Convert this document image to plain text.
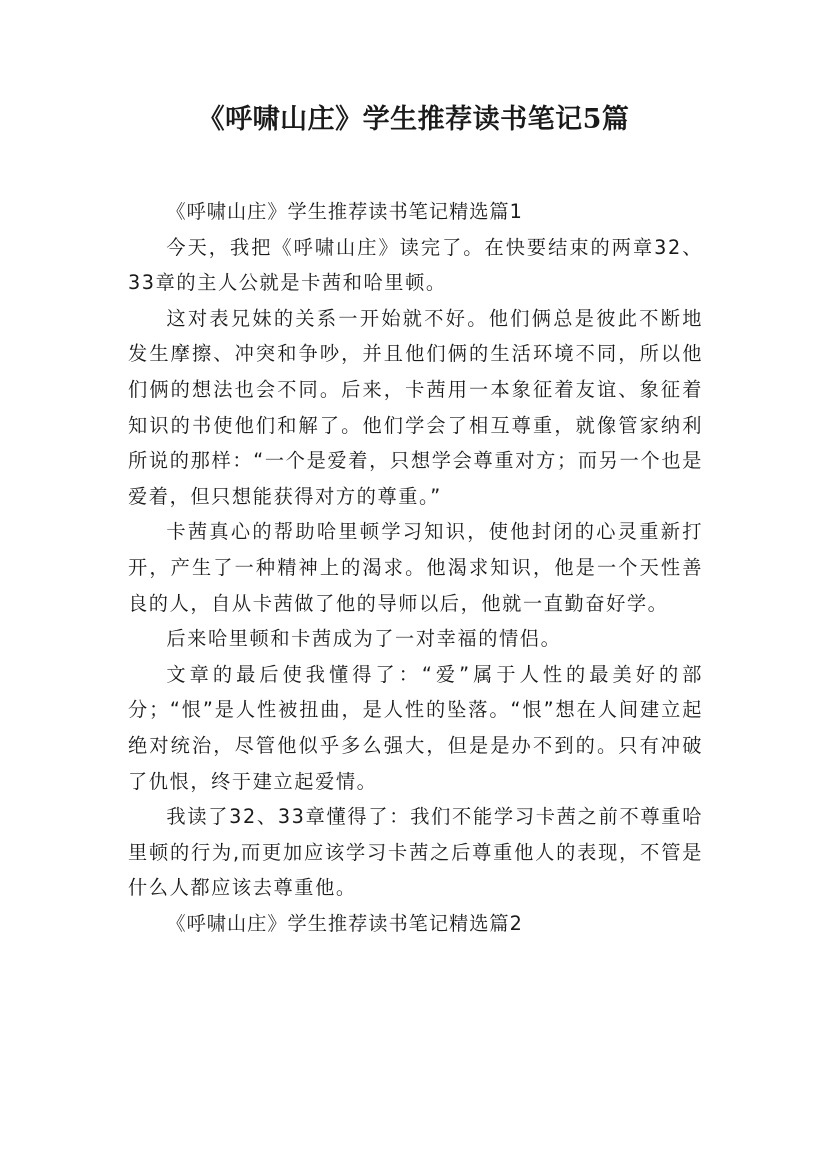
《呼啸山庄》学生推荐读书笔记5篇

《呼啸山庄》学生推荐读书笔记精选篇1

今天，我把《呼啸山庄》读完了。在快要结束的两章32、33章的主人公就是卡茜和哈里顿。

这对表兄妹的关系一开始就不好。他们俩总是彼此不断地发生摩擦、冲突和争吵，并且他们俩的生活环境不同，所以他们俩的想法也会不同。后来，卡茜用一本象征着友谊、象征着知识的书使他们和解了。他们学会了相互尊重，就像管家纳利所说的那样：“一个是爱着，只想学会尊重对方；而另一个也是爱着，但只想能获得对方的尊重。”

卡茜真心的帮助哈里顿学习知识，使他封闭的心灵重新打开，产生了一种精神上的渴求。他渴求知识，他是一个天性善良的人，自从卡茜做了他的导师以后，他就一直勤奋好学。

后来哈里顿和卡茜成为了一对幸福的情侣。

文章的最后使我懂得了：“爱”属于人性的最美好的部分；“恨”是人性被扭曲，是人性的坠落。“恨”想在人间建立起绝对统治，尽管他似乎多么强大，但是是办不到的。只有冲破了仇恨，终于建立起爱情。

我读了32、33章懂得了：我们不能学习卡茜之前不尊重哈里顿的行为,而更加应该学习卡茜之后尊重他人的表现，不管是什么人都应该去尊重他。

《呼啸山庄》学生推荐读书笔记精选篇2
